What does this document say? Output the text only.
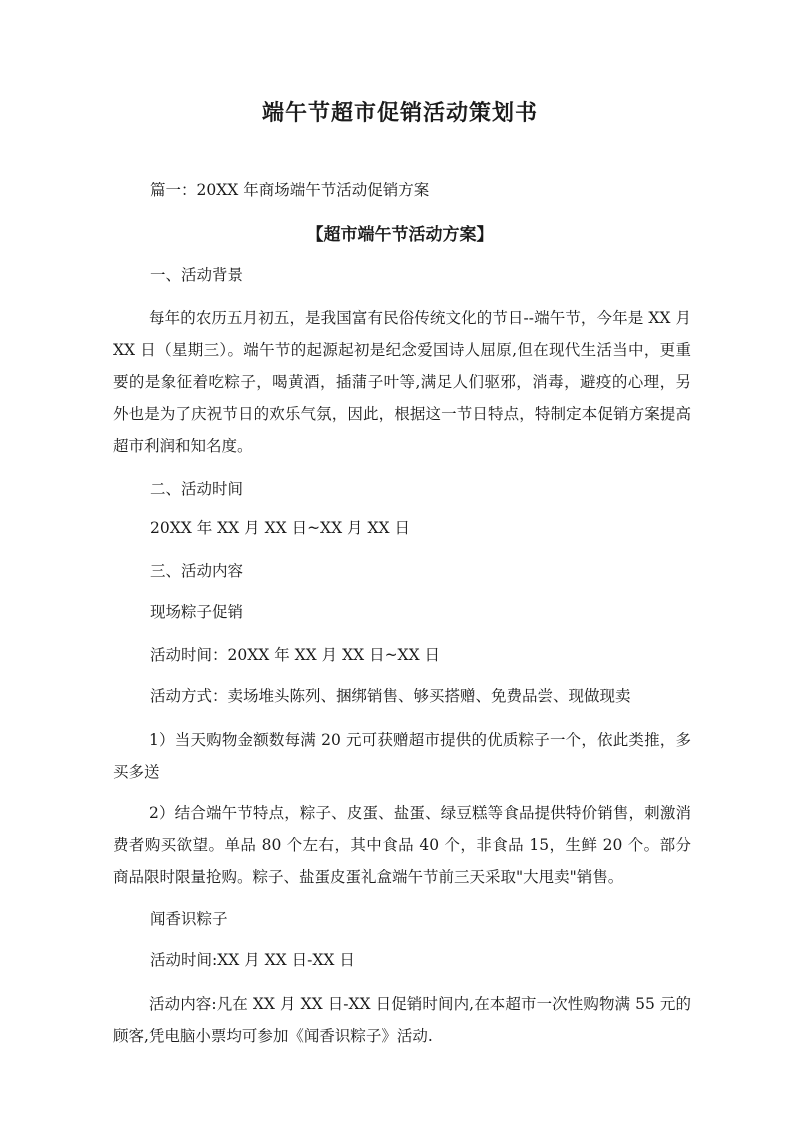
端午节超市促销活动策划书

篇一：20XX 年商场端午节活动促销方案

【超市端午节活动方案】

一、活动背景

每年的农历五月初五，是我国富有民俗传统文化的节日--端午节，今年是 XX 月 XX 日（星期三）。端午节的起源起初是纪念爱国诗人屈原,但在现代生活当中，更重要的是象征着吃粽子，喝黄酒，插蒲子叶等,满足人们驱邪，消毒，避疫的心理，另外也是为了庆祝节日的欢乐气氛，因此，根据这一节日特点，特制定本促销方案提高超市利润和知名度。

二、活动时间

20XX 年 XX 月 XX 日~XX 月 XX 日

三、活动内容

现场粽子促销

活动时间：20XX 年 XX 月 XX 日~XX 日

活动方式：卖场堆头陈列、捆绑销售、够买搭赠、免费品尝、现做现卖

1）当天购物金额数每满 20 元可获赠超市提供的优质粽子一个，依此类推，多买多送

2）结合端午节特点，粽子、皮蛋、盐蛋、绿豆糕等食品提供特价销售，刺激消费者购买欲望。单品 80 个左右，其中食品 40 个，非食品 15，生鲜 20 个。部分商品限时限量抢购。粽子、盐蛋皮蛋礼盒端午节前三天采取"大甩卖"销售。

闻香识粽子

活动时间:XX 月 XX 日-XX 日

活动内容:凡在 XX 月 XX 日-XX 日促销时间内,在本超市一次性购物满 55 元的顾客,凭电脑小票均可参加《闻香识粽子》活动.
